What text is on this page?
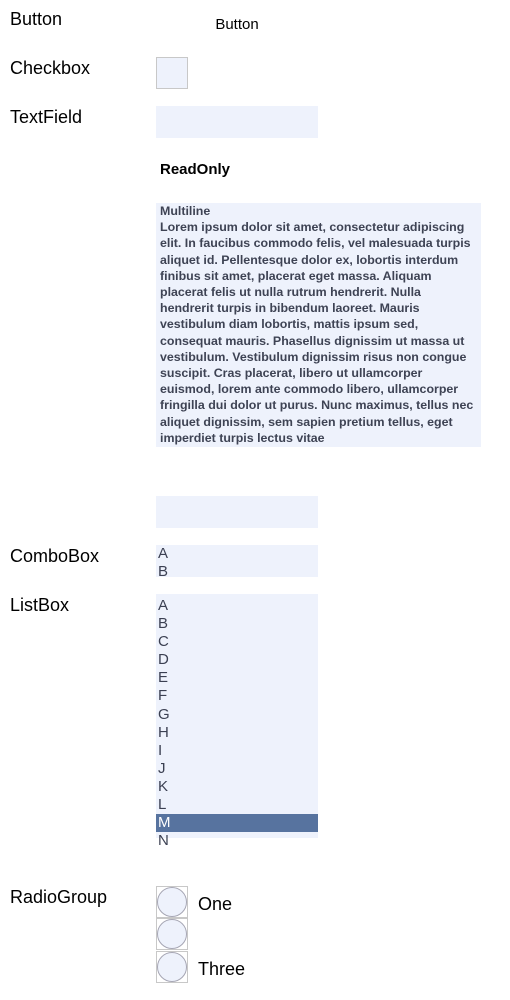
Button	Button
Checkbox
TextField
ReadOnly
Multiline
Lorem ipsum dolor sit amet, consectetur adipiscing elit. In faucibus commodo felis, vel malesuada turpis aliquet id. Pellentesque dolor ex, lobortis interdum finibus sit amet, placerat eget massa. Aliquam placerat felis ut nulla rutrum hendrerit. Nulla hendrerit turpis in bibendum laoreet. Mauris vestibulum diam lobortis, mattis ipsum sed, consequat mauris. Phasellus dignissim ut massa ut vestibulum. Vestibulum dignissim risus non congue suscipit. Cras placerat, libero ut ullamcorper euismod, lorem ante commodo libero, ullamcorper fringilla dui dolor ut purus. Nunc maximus, tellus nec aliquet dignissim, sem sapien pretium tellus, eget imperdiet turpis lectus vitae
ComboBox	A
B
ListBox	A
B
C
D
E
F
G
H
I
J
K
L
M
N
RadioGroup	One
Three
